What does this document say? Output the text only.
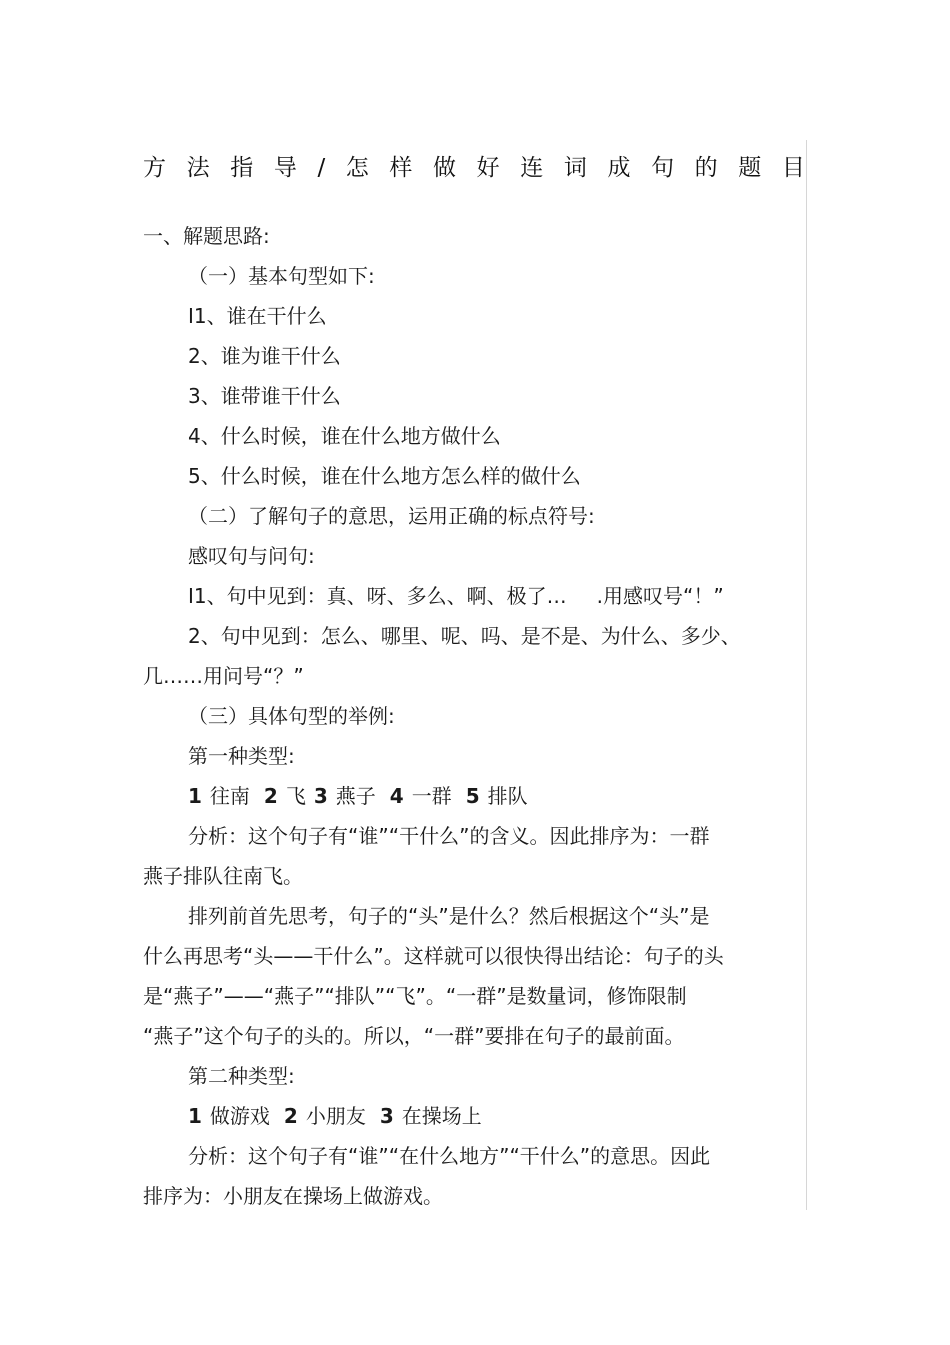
方 法 指 导 / 怎 样 做 好 连 词 成 句 的 题 目
一、解题思路:
（一）基本句型如下:
I1、谁在干什么
2、谁为谁干什么
3、谁带谁干什么
4、什么时候，谁在什么地方做什么
5、什么时候，谁在什么地方怎么样的做什么
（二）了解句子的意思，运用正确的标点符号:
感叹句与问句:
I1、句中见到：真、呀、多么、啊、极了… .用感叹号“！”
2、句中见到：怎么、哪里、呢、吗、是不是、为什么、多少、
几……用问号“？”
（三）具体句型的举例:
第一种类型:
1 往南 2 飞 3 燕子 4 一群 5 排队
分析：这个句子有“谁”“干什么”的含义。因此排序为：一群
燕子排队往南飞。
排列前首先思考，句子的“头”是什么？然后根据这个“头”是
什么再思考“头——干什么”。这样就可以很快得出结论：句子的头
是“燕子”——“燕子”“排队”“飞”。“一群”是数量词，修饰限制
“燕子”这个句子的头的。所以，“一群”要排在句子的最前面。
第二种类型:
1 做游戏 2 小朋友 3 在操场上
分析：这个句子有“谁”“在什么地方”“干什么”的意思。因此
排序为：小朋友在操场上做游戏。
